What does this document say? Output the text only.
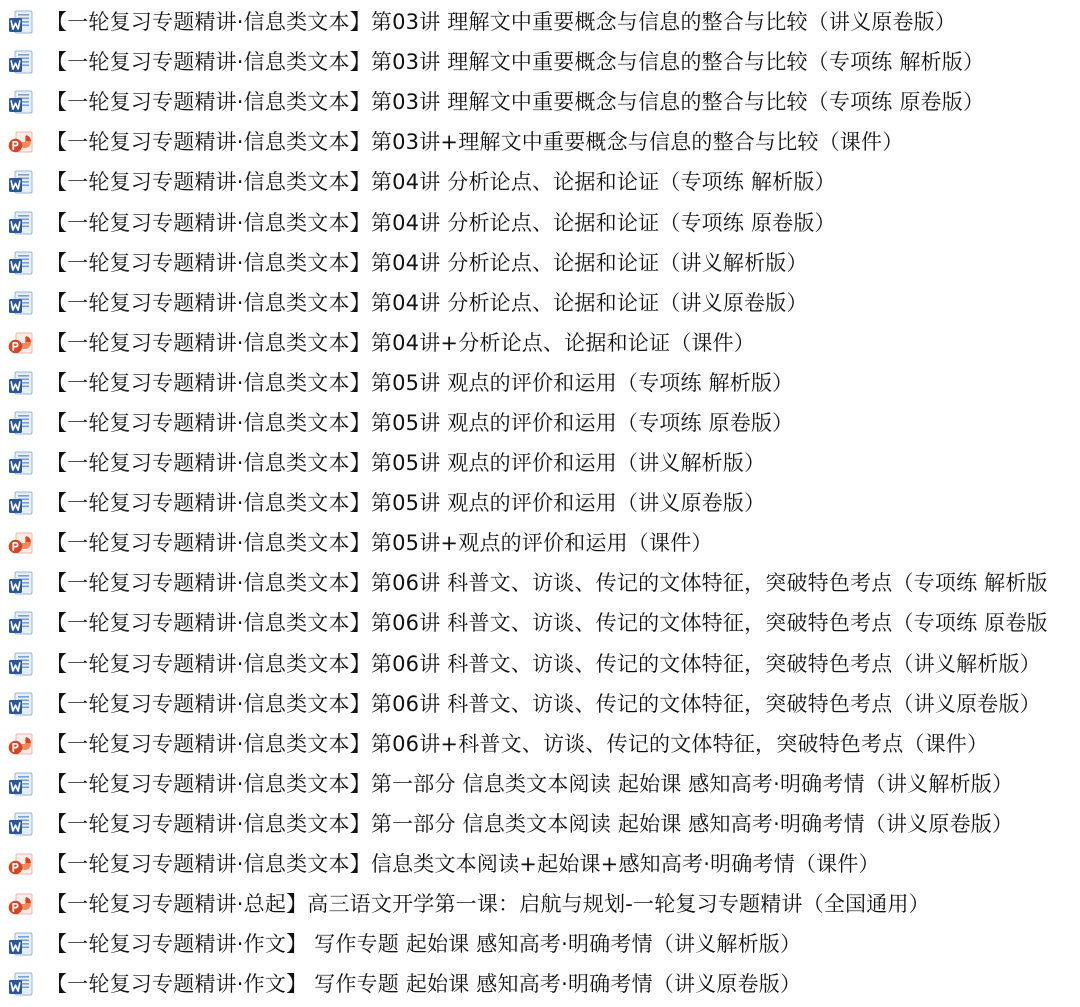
【一轮复习专题精讲·信息类文本】第03讲 理解文中重要概念与信息的整合与比较（讲义原卷版）
【一轮复习专题精讲·信息类文本】第03讲 理解文中重要概念与信息的整合与比较（专项练 解析版）
【一轮复习专题精讲·信息类文本】第03讲 理解文中重要概念与信息的整合与比较（专项练 原卷版）
【一轮复习专题精讲·信息类文本】第03讲+理解文中重要概念与信息的整合与比较（课件）
【一轮复习专题精讲·信息类文本】第04讲 分析论点、论据和论证（专项练 解析版）
【一轮复习专题精讲·信息类文本】第04讲 分析论点、论据和论证（专项练 原卷版）
【一轮复习专题精讲·信息类文本】第04讲 分析论点、论据和论证（讲义解析版）
【一轮复习专题精讲·信息类文本】第04讲 分析论点、论据和论证（讲义原卷版）
【一轮复习专题精讲·信息类文本】第04讲+分析论点、论据和论证（课件）
【一轮复习专题精讲·信息类文本】第05讲 观点的评价和运用（专项练 解析版）
【一轮复习专题精讲·信息类文本】第05讲 观点的评价和运用（专项练 原卷版）
【一轮复习专题精讲·信息类文本】第05讲 观点的评价和运用（讲义解析版）
【一轮复习专题精讲·信息类文本】第05讲 观点的评价和运用（讲义原卷版）
【一轮复习专题精讲·信息类文本】第05讲+观点的评价和运用（课件）
【一轮复习专题精讲·信息类文本】第06讲 科普文、访谈、传记的文体特征，突破特色考点（专项练 解析版
【一轮复习专题精讲·信息类文本】第06讲 科普文、访谈、传记的文体特征，突破特色考点（专项练 原卷版
【一轮复习专题精讲·信息类文本】第06讲 科普文、访谈、传记的文体特征，突破特色考点（讲义解析版）
【一轮复习专题精讲·信息类文本】第06讲 科普文、访谈、传记的文体特征，突破特色考点（讲义原卷版）
【一轮复习专题精讲·信息类文本】第06讲+科普文、访谈、传记的文体特征，突破特色考点（课件）
【一轮复习专题精讲·信息类文本】第一部分 信息类文本阅读 起始课 感知高考·明确考情（讲义解析版）
【一轮复习专题精讲·信息类文本】第一部分 信息类文本阅读 起始课 感知高考·明确考情（讲义原卷版）
【一轮复习专题精讲·信息类文本】信息类文本阅读+起始课+感知高考·明确考情（课件）
【一轮复习专题精讲·总起】高三语文开学第一课：启航与规划-一轮复习专题精讲（全国通用）
【一轮复习专题精讲·作文】 写作专题 起始课 感知高考·明确考情（讲义解析版）
【一轮复习专题精讲·作文】 写作专题 起始课 感知高考·明确考情（讲义原卷版）
